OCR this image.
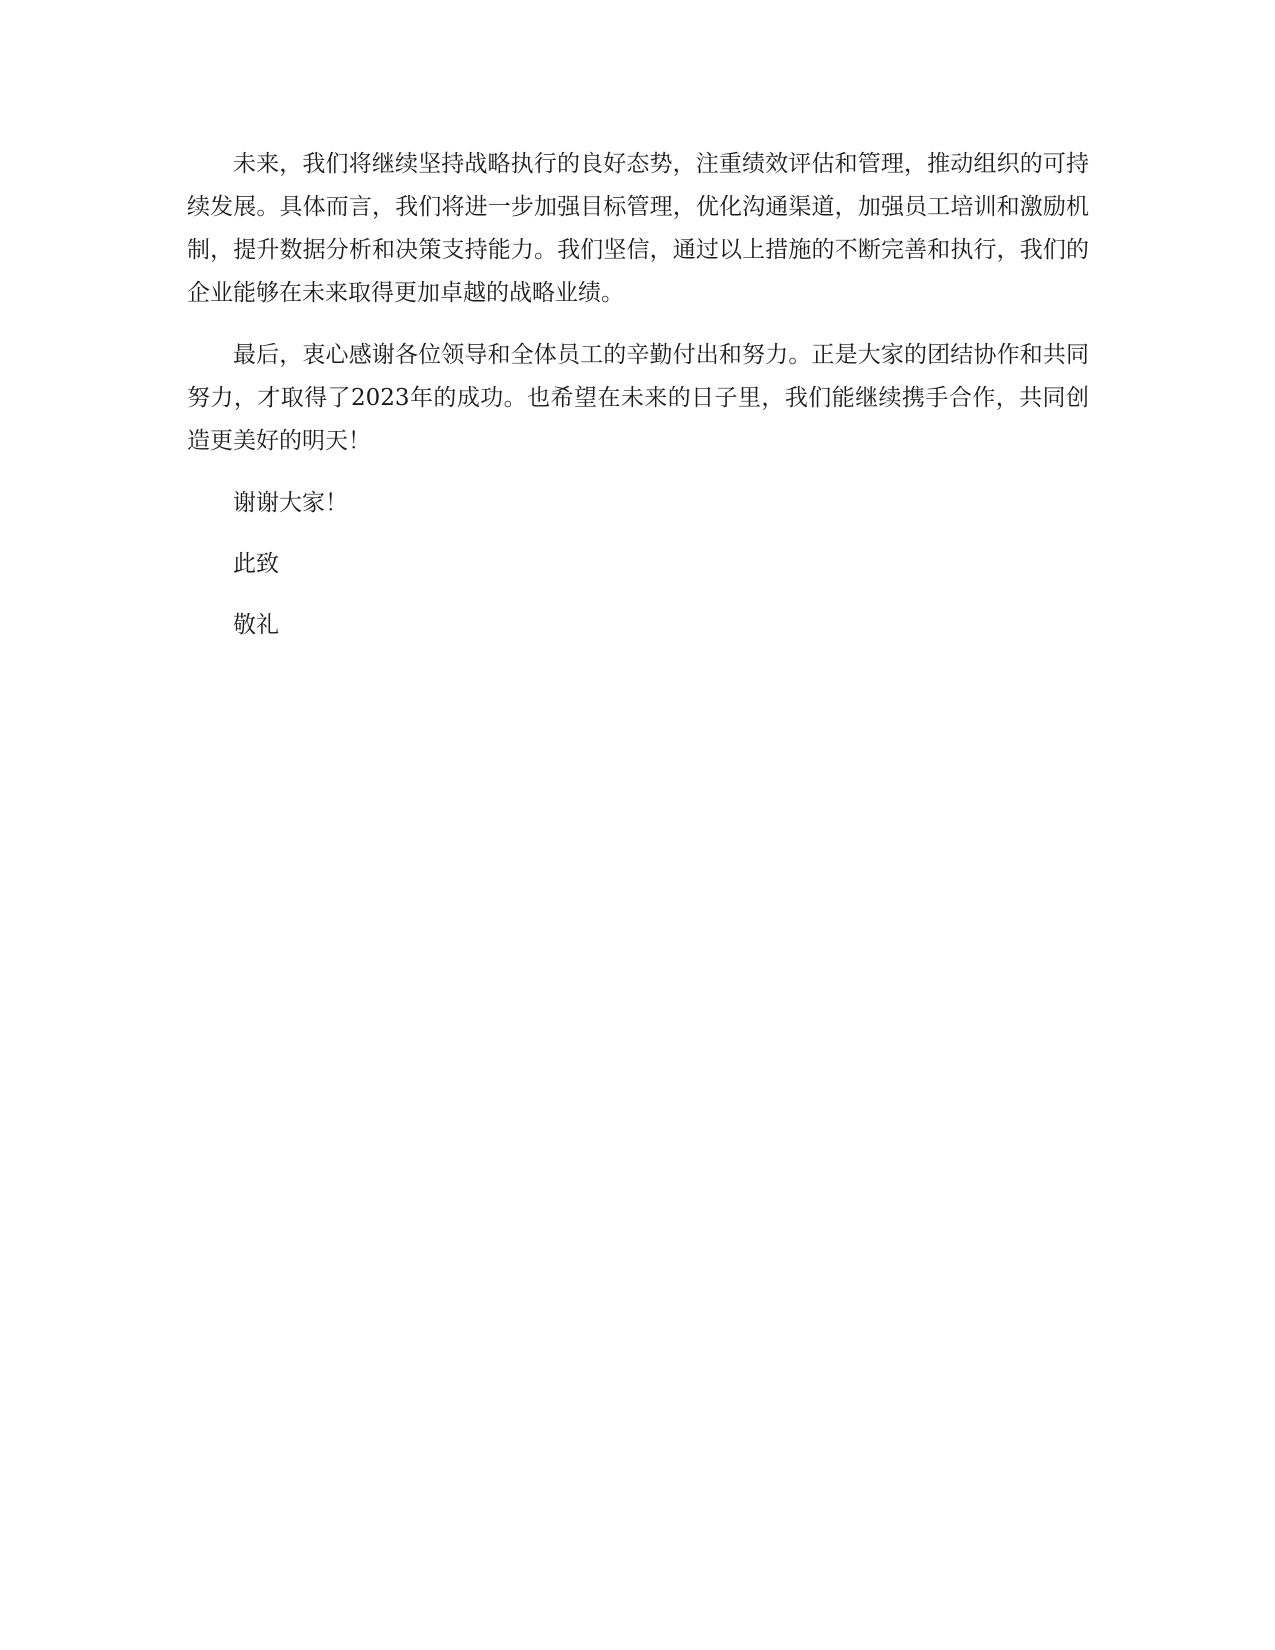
未来，我们将继续坚持战略执行的良好态势，注重绩效评估和管理，推动组织的可持续发展。具体而言，我们将进一步加强目标管理，优化沟通渠道，加强员工培训和激励机制，提升数据分析和决策支持能力。我们坚信，通过以上措施的不断完善和执行，我们的企业能够在未来取得更加卓越的战略业绩。

最后，衷心感谢各位领导和全体员工的辛勤付出和努力。正是大家的团结协作和共同努力，才取得了2023年的成功。也希望在未来的日子里，我们能继续携手合作，共同创造更美好的明天！

谢谢大家！

此致

敬礼
